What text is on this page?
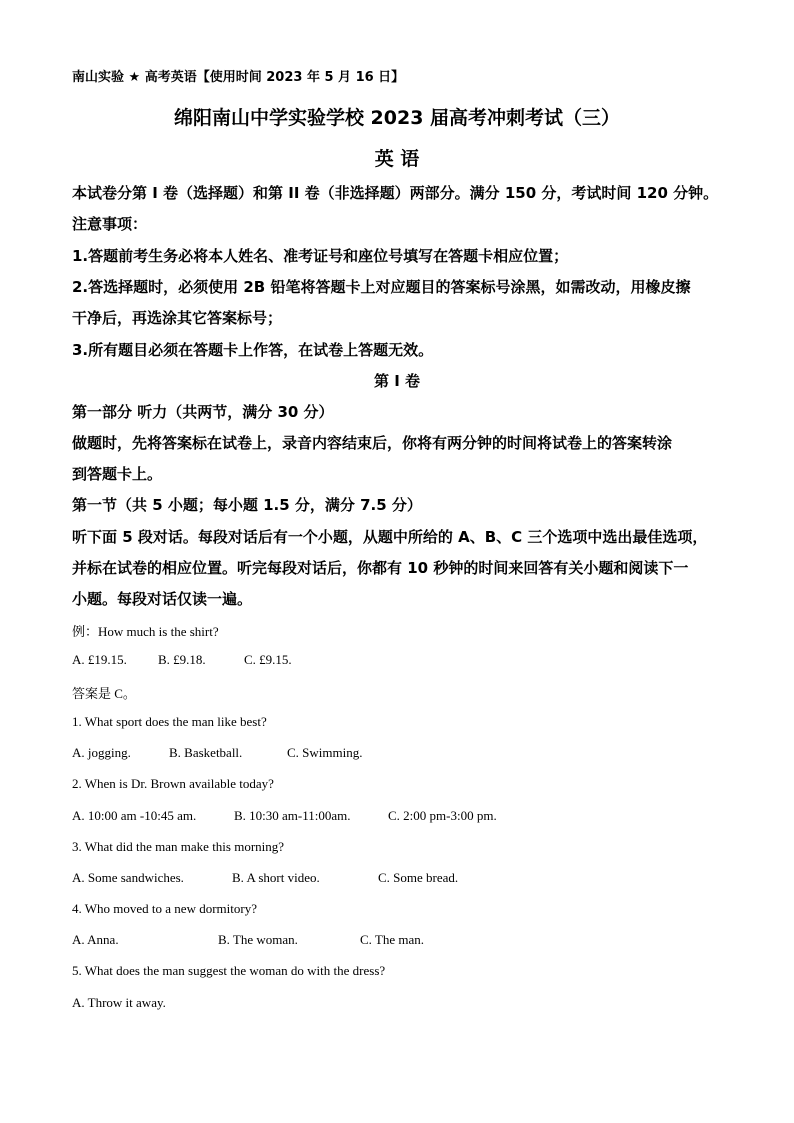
南山实验 ★ 高考英语【使用时间 2023 年 5 月 16 日】
绵阳南山中学实验学校 2023 届高考冲刺考试（三）
英 语
本试卷分第 I 卷（选择题）和第 II 卷（非选择题）两部分。满分 150 分，考试时间 120 分钟。
注意事项：
1.答题前考生务必将本人姓名、准考证号和座位号填写在答题卡相应位置；
2.答选择题时，必须使用 2B 铅笔将答题卡上对应题目的答案标号涂黑，如需改动，用橡皮擦
干净后，再选涂其它答案标号；
3.所有题目必须在答题卡上作答，在试卷上答题无效。
第 I 卷
第一部分 听力（共两节，满分 30 分）
做题时，先将答案标在试卷上，录音内容结束后，你将有两分钟的时间将试卷上的答案转涂
到答题卡上。
第一节（共 5 小题；每小题 1.5 分，满分 7.5 分）
听下面 5 段对话。每段对话后有一个小题，从题中所给的 A、B、C 三个选项中选出最佳选项，
并标在试卷的相应位置。听完每段对话后，你都有 10 秒钟的时间来回答有关小题和阅读下一
小题。每段对话仅读一遍。
例：How much is the shirt?
A. £19.15. B. £9.18.	C. £9.15.
答案是 C。
1. What sport does the man like best?
A. jogging.	B. Basketball.	C. Swimming.
2. When is Dr. Brown available today?
A. 10:00 am -10:45 am.	B. 10:30 am-11:00am.	C. 2:00 pm-3:00 pm.
3. What did the man make this morning?
A. Some sandwiches.	B. A short video.	C. Some bread.
4. Who moved to a new dormitory?
A. Anna.	B. The woman.	C. The man.
5. What does the man suggest the woman do with the dress?
A. Throw it away.
